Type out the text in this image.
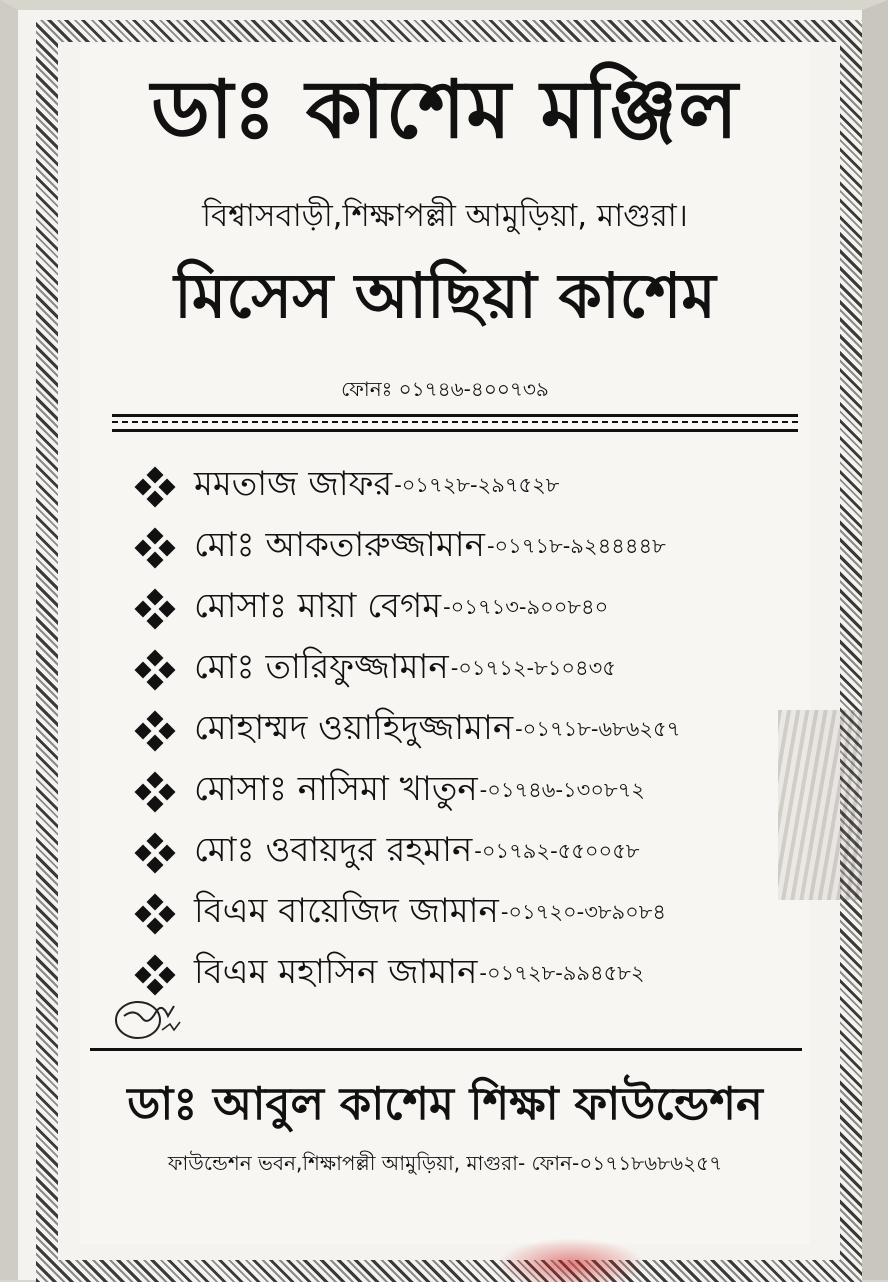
ডাঃ কাশেম মঞ্জিল
বিশ্বাসবাড়ী,শিক্ষাপল্লী আমুড়িয়া, মাগুরা।
মিসেস আছিয়া কাশেম
ফোনঃ ০১৭৪৬-৪০০৭৩৯
মমতাজ জাফর -০১৭২৮-২৯৭৫২৮
মোঃ আকতারুজ্জামান -০১৭১৮-৯২৪৪৪৪৮
মোসাঃ মায়া বেগম -০১৭১৩-৯০০৮৪০
মোঃ তারিফুজ্জামান -০১৭১২-৮১০৪৩৫
মোহাম্মদ ওয়াহিদুজ্জামান -০১৭১৮-৬৮৬২৫৭
মোসাঃ নাসিমা খাতুন -০১৭৪৬-১৩০৮৭২
মোঃ ওবায়দুর রহমান -০১৭৯২-৫৫০০৫৮
বিএম বায়েজিদ জামান -০১৭২০-৩৮৯০৮৪
বিএম মহাসিন জামান -০১৭২৮-৯৯৪৫৮২
ডাঃ আবুল কাশেম শিক্ষা ফাউন্ডেশন
ফাউন্ডেশন ভবন,শিক্ষাপল্লী আমুড়িয়া, মাগুরা- ফোন-০১৭১৮৬৮৬২৫৭
